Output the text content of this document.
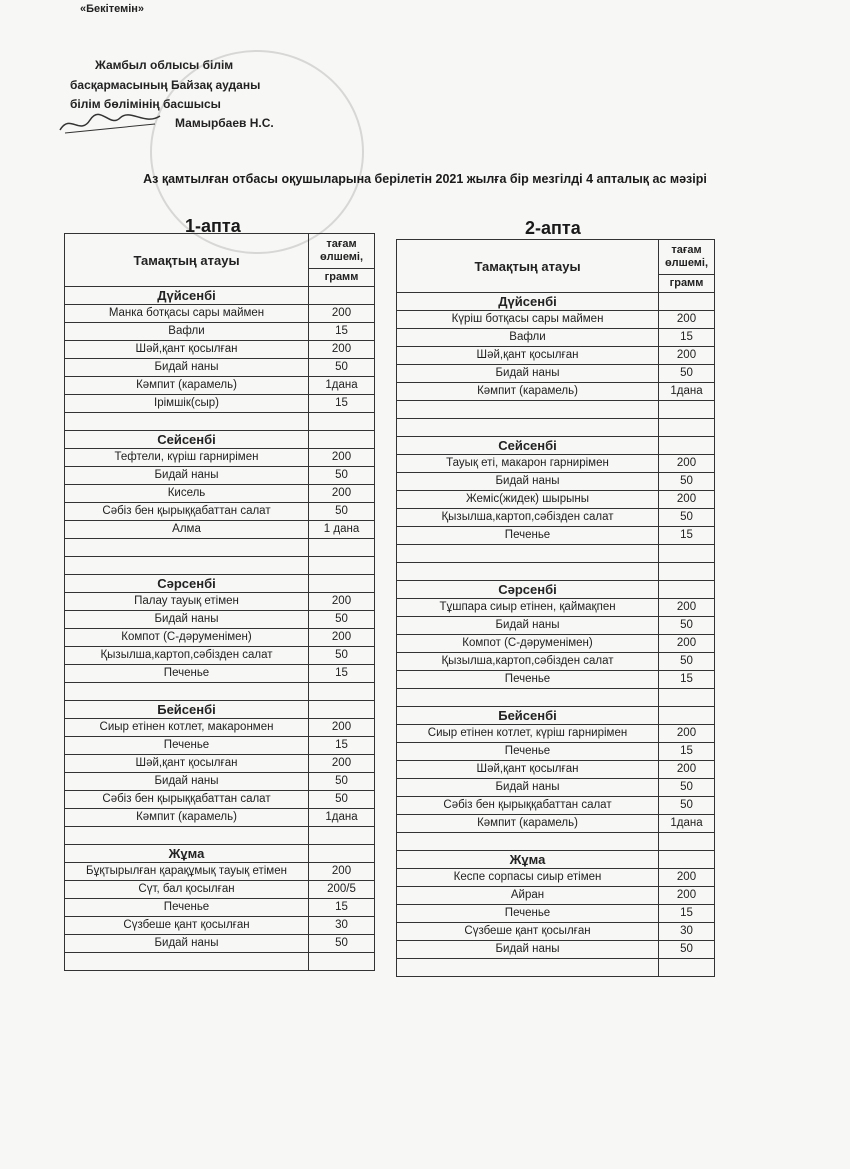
«Бекітемін»
Жамбыл облысы білім
басқармасының Байзақ ауданы
білім бөлімінің басшысы
Мамырбаев Н.С.
Аз қамтылған отбасы оқушыларына берілетін 2021 жылға бір мезгілді 4 апталық ас мәзірі
1-апта	2-апта
Тамақтың атауы	тағам өлшемі,
	грамм
Дүйсенбі	
Манка ботқасы сары маймен	200
Вафли	15
Шәй,қант қосылған	200
Бидай наны	50
Кәмпит (карамель)	1дана
Ірімшік(сыр)	15

Сейсенбі	
Тефтели, күріш гарнирімен	200
Бидай наны	50
Кисель	200
Сәбіз бен қырыққабаттан салат	50
Алма	1 дана

Сәрсенбі	
Палау тауық етімен	200
Бидай наны	50
Компот (С-дәруменімен)	200
Қызылша,картоп,сәбізден салат	50
Печенье	15

Бейсенбі	
Сиыр етінен котлет, макаронмен	200
Печенье	15
Шәй,қант қосылған	200
Бидай наны	50
Сәбіз бен қырыққабаттан салат	50
Кәмпит (карамель)	1дана

Жұма	
Бұқтырылған қарақұмық тауық етімен	200
Сүт, бал қосылған	200/5
Печенье	15
Сүзбеше қант қосылған	30
Бидай наны	50

Тамақтың атауы	тағам өлшемі,
	грамм
Дүйсенбі	
Күріш ботқасы сары маймен	200
Вафли	15
Шәй,қант қосылған	200
Бидай наны	50
Кәмпит (карамель)	1дана

Сейсенбі	
Тауық еті, макарон гарнирімен	200
Бидай наны	50
Жеміс(жидек) шырыны	200
Қызылша,картоп,сәбізден салат	50
Печенье	15

Сәрсенбі	
Тұшпара сиыр етінен, қаймақпен	200
Бидай наны	50
Компот (С-дәруменімен)	200
Қызылша,картоп,сәбізден салат	50
Печенье	15

Бейсенбі	
Сиыр етінен котлет, күріш гарнирімен	200
Печенье	15
Шәй,қант қосылған	200
Бидай наны	50
Сәбіз бен қырыққабаттан салат	50
Кәмпит (карамель)	1дана

Жұма	
Кеспе сорпасы сиыр етімен	200
Айран	200
Печенье	15
Сүзбеше қант қосылған	30
Бидай наны	50
